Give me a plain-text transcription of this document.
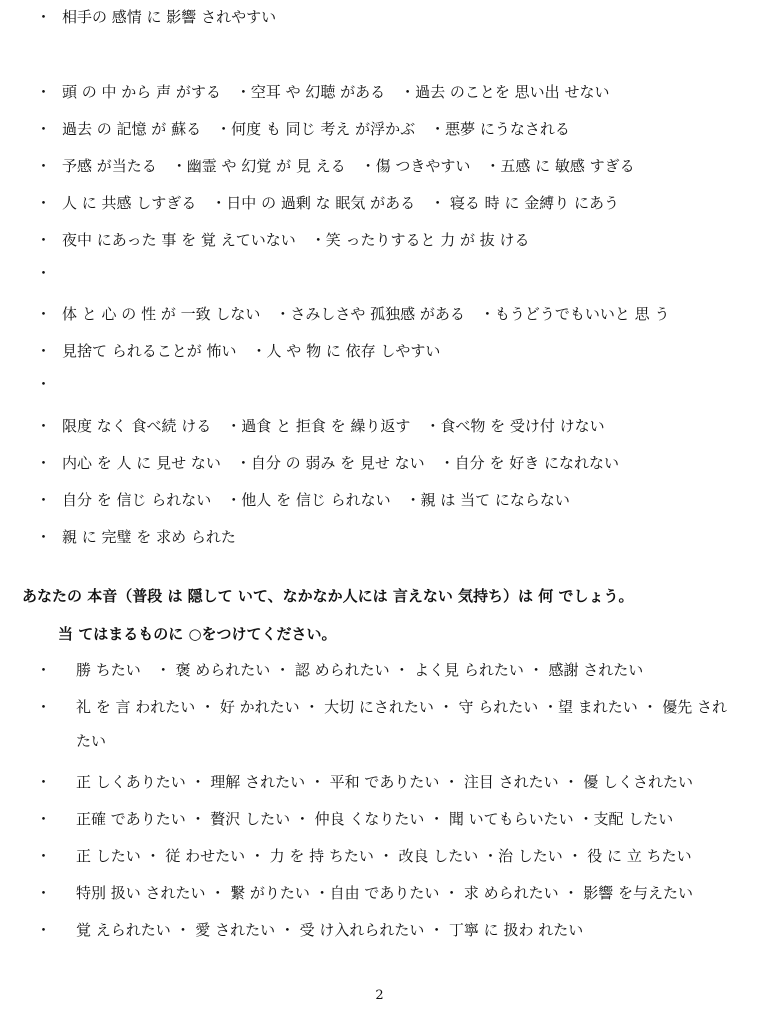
・ 相手の 感情 に 影響 されやすい
・ 頭 の 中 から 声 がする　・空耳 や 幻聴 がある　・過去 のことを 思い出 せない
・ 過去 の 記憶 が 蘇る　・何度 も 同じ 考え が浮かぶ　・悪夢 にうなされる
・ 予感 が当たる　・幽霊 や 幻覚 が 見 える　・傷 つきやすい　・五感 に 敏感 すぎる
・ 人 に 共感 しすぎる　・日中 の 過剰 な 眠気 がある　・ 寝る 時 に 金縛り にあう
・ 夜中 にあった 事 を 覚 えていない　・笑 ったりすると 力 が 抜 ける
・
・ 体 と 心 の 性 が 一致 しない　・さみしさや 孤独感 がある　・もうどうでもいいと 思 う
・ 見捨て られることが 怖い　・人 や 物 に 依存 しやすい
・
・ 限度 なく 食べ続 ける　・過食 と 拒食 を 繰り返す　・食べ物 を 受け付 けない
・ 内心 を 人 に 見せ ない　・自分 の 弱み を 見せ ない　・自分 を 好き になれない
・ 自分 を 信じ られない　・他人 を 信じ られない　・親 は 当て にならない
・ 親 に 完璧 を 求め られた
あなたの 本音（普段 は 隠して いて、なかなか人には 言えない 気持ち）は 何 でしょう。
当 てはまるものに ○をつけてください。
・ 勝 ちたい　・ 褒 められたい ・ 認 められたい ・ よく見 られたい ・ 感謝 されたい
・ 礼 を 言 われたい ・ 好 かれたい ・ 大切 にされたい ・ 守 られたい ・望 まれたい ・ 優先 され
たい
・ 正 しくありたい ・ 理解 されたい ・ 平和 でありたい ・ 注目 されたい ・ 優 しくされたい
・ 正確 でありたい ・ 贅沢 したい ・ 仲良 くなりたい ・ 聞 いてもらいたい ・支配 したい
・ 正 したい ・ 従 わせたい ・ 力 を 持 ちたい ・ 改良 したい ・治 したい ・ 役 に 立 ちたい
・ 特別 扱い されたい ・ 繋 がりたい ・自由 でありたい ・ 求 められたい ・ 影響 を与えたい
・ 覚 えられたい ・ 愛 されたい ・ 受 け入れられたい ・ 丁寧 に 扱わ れたい
2
